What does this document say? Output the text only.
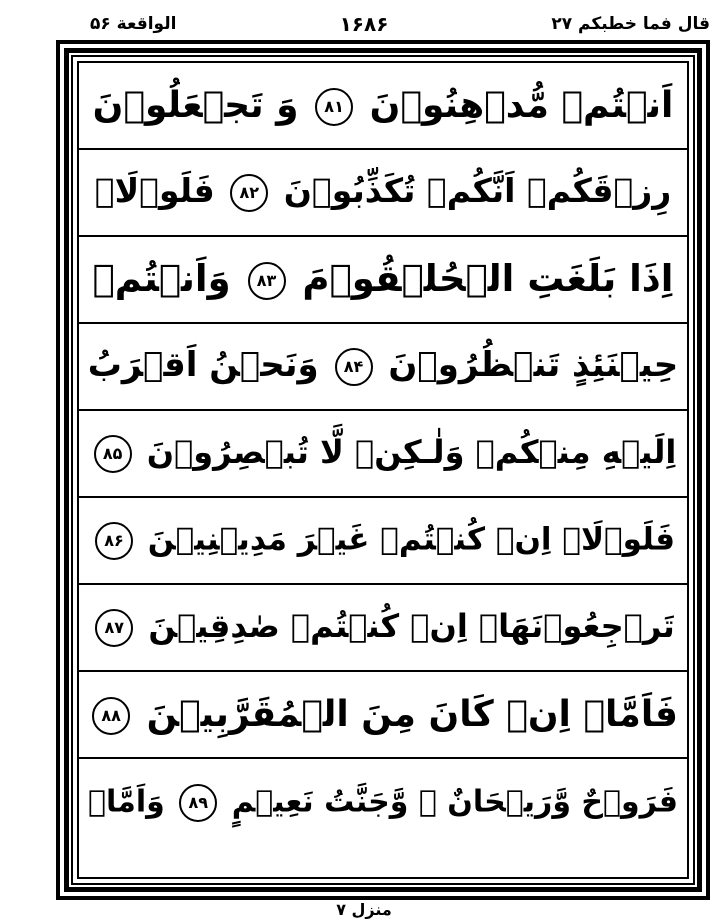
قال فما خطبکم ۲۷
۱۶۸۶
الواقعة ۵۶
اَنۡتُمۡ مُّدۡهِنُوۡنَ ۸۱ وَ تَجۡعَلُوۡنَ
رِزۡقَكُمۡ اَنَّكُمۡ تُكَذِّبُوۡنَ ۸۲ فَلَوۡلَاۤ
اِذَا بَلَغَتِ الۡحُلۡقُوۡمَ ۸۳ وَاَنۡتُمۡ
حِيۡنَئِذٍ تَنۡظُرُوۡنَ ۸۴ وَنَحۡنُ اَقۡرَبُ
اِلَيۡهِ مِنۡكُمۡ وَلٰـكِنۡ لَّا تُبۡصِرُوۡنَ ۸۵
فَلَوۡلَاۤ اِنۡ كُنۡتُمۡ غَيۡرَ مَدِيۡنِيۡنَ ۸۶
تَرۡجِعُوۡنَهَاۤ اِنۡ كُنۡتُمۡ صٰدِقِيۡنَ ۸۷
فَاَمَّاۤ اِنۡ كَانَ مِنَ الۡمُقَرَّبِيۡنَ ۸۸
فَرَوۡحٌ وَّرَيۡحَانٌ ۙ وَّجَنَّتُ نَعِيۡمٍ ۸۹ وَاَمَّاۤ
منزل ۷
